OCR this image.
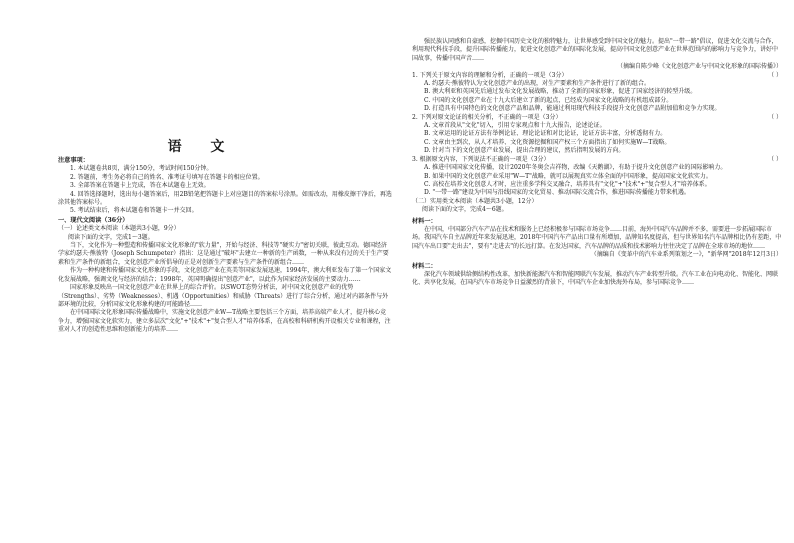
语 文

注意事项：

1. 本试题卷共8页，满分150分，考试时间150分钟。

2. 答题前，考生务必将自己的姓名、准考证号填写在答题卡的相应位置。

3. 全部答案在答题卡上完成，答在本试题卷上无效。

4. 回答选择题时，选出每小题答案后，用2B铅笔把答题卡上对应题目的答案标号涂黑。如需改动，用橡皮擦干净后，再选涂其他答案标号。

5. 考试结束后，将本试题卷和答题卡一并交回。

一、现代文阅读（36分）

（一）论述类文本阅读（本题共3小题，9分）

阅读下面的文字，完成1～3题。

当下，文化作为一种塑造和传播国家文化形象的"软力量"，开始与经济、科技等"硬实力"密切关联，彼此互动。德国经济学家约瑟夫·熊彼特（Joseph Schumpeter）指出：这是通过"破坏"去建立一种新的生产函数，一种从来没有过的关于生产要素和生产条件的新组合，文化创意产业所倡导的正是对创新生产要素与生产条件的新组合……

作为一种构建和传播国家文化形象的手段，文化创意产业在英美等国家发展迅速，1994年，澳大利亚发布了第一个国家文化发展战略，强调文化与经济的结合；1998年，英国明确提出"创意产业"，以此作为国家经济发展的主要动力……

国家形象反映出一国文化创意产业在世界上的综合评价。以SWOT态势分析法，对中国文化创意产业的优势（Strengths）、劣势（Weaknesses）、机遇（Opportunities）和威胁（Threats）进行了综合分析，通过对内部条件与外部环境的比较，分析国家文化形象构建的可能路径……

在中国国际文化形象国际传播战略中，实施文化创意产业W—T战略主要包括三个方面，培养高端产业人才，提升核心竞争力，增强国家文化软实力，建立多层次"文化"+"技术"+"复合型人才"培养体系，在高校和科研机构开设相关专业和课程，注重对人才的创造性思维和创新能力的培养……

强民族认同感和自豪感，挖掘中国历史文化的独特魅力，让世界感受到中国文化的魅力。提出"一带一路"倡议，促进文化交流与合作，利用现代科技手段，提升国际传播能力，促进文化创意产业的国际化发展，提高中国文化创意产业在世界范围内的影响力与竞争力，讲好中国故事，传播中国声音……

（摘编自陈少峰《文化创意产业与中国文化形象的国际传播》）

1. 下列关于原文内容的理解和分析，正确的一项是（3分）	（ ）

A. 约瑟夫·熊彼特认为文化创意产业的出现，对生产要素和生产条件进行了新的组合。

B. 澳大利亚和英国先后通过发布文化发展战略，推动了全新的国家形象，促进了国家经济的转型升级。

C. 中国的文化创意产业在十九大后建立了新的起点，已经成为国家文化战略的有机组成部分。

D. 打造具有中国特色的文化创意产品和品牌，能通过利用现代科技手段提升文化创意产品附加值和竞争力实现。

2. 下列对原文论证的相关分析，不正确的一项是（3分）	（ ）

A. 文章首段从"文化"切入，引用专家观点和十九大报告，论述论证。

B. 文章运用的论证方法有举例论证、理论论证和对比论证，论证方法丰富，分析透彻有力。

C. 文章由主到次，从人才培养、文化资源挖掘和国产权三个方面指出了如何实施W—T战略。

D. 针对当下的文化创意产业发展，提出合理的建议，然后指明发展的方向。

3. 根据原文内容，下列说法不正确的一项是（3分）	（ ）

A. 推进中国国家文化传播，设计2020年冬奥会吉祥物，改编《天鹅湖》，有助于提升文化创意产业的国际影响力。

B. 如果中国的文化创意产业采用"W—T"战略，就可以展现真实立体全面的中国形象，提高国家文化软实力。

C. 高校在培养文化创意人才时，应注重多学科交叉融合，培养具有"文化"+"技术"+"复合型人才"培养体系。

D. "一带一路"建设为中国与沿线国家的文化贸易、推动国际交流合作，推进国际传播能力带来机遇。

（二）实用类文本阅读（本题共3小题，12分）

阅读下面的文字，完成4～6题。

材料一：

在中国，中国部分汽车产品在技术和服务上已经积极参与国际市场竞争……目前，海外中国汽车品牌并不多，需要进一步拓展国际市场。我国汽车自主品牌近年来发展迅速，2018年中国汽车产品出口量有所增加，品牌知名度提高，但与世界知名汽车品牌相比仍有差距，中国汽车出口要"走出去"，要有"走进去"的长远打算。在发达国家，汽车品牌的品质和技术影响力往往决定了品牌在全球市场的地位……

（摘编自《变革中的汽车业系列策划之一》，"新华网"2018年12月3日）

材料二：

深化汽车领域供给侧结构性改革，加快新能源汽车和智能网联汽车发展，推动汽车产业转型升级。汽车工业在向电动化、智能化、网联化、共享化发展，在国内汽车市场竞争日益激烈的背景下，中国汽车企业加快海外布局，参与国际竞争……
